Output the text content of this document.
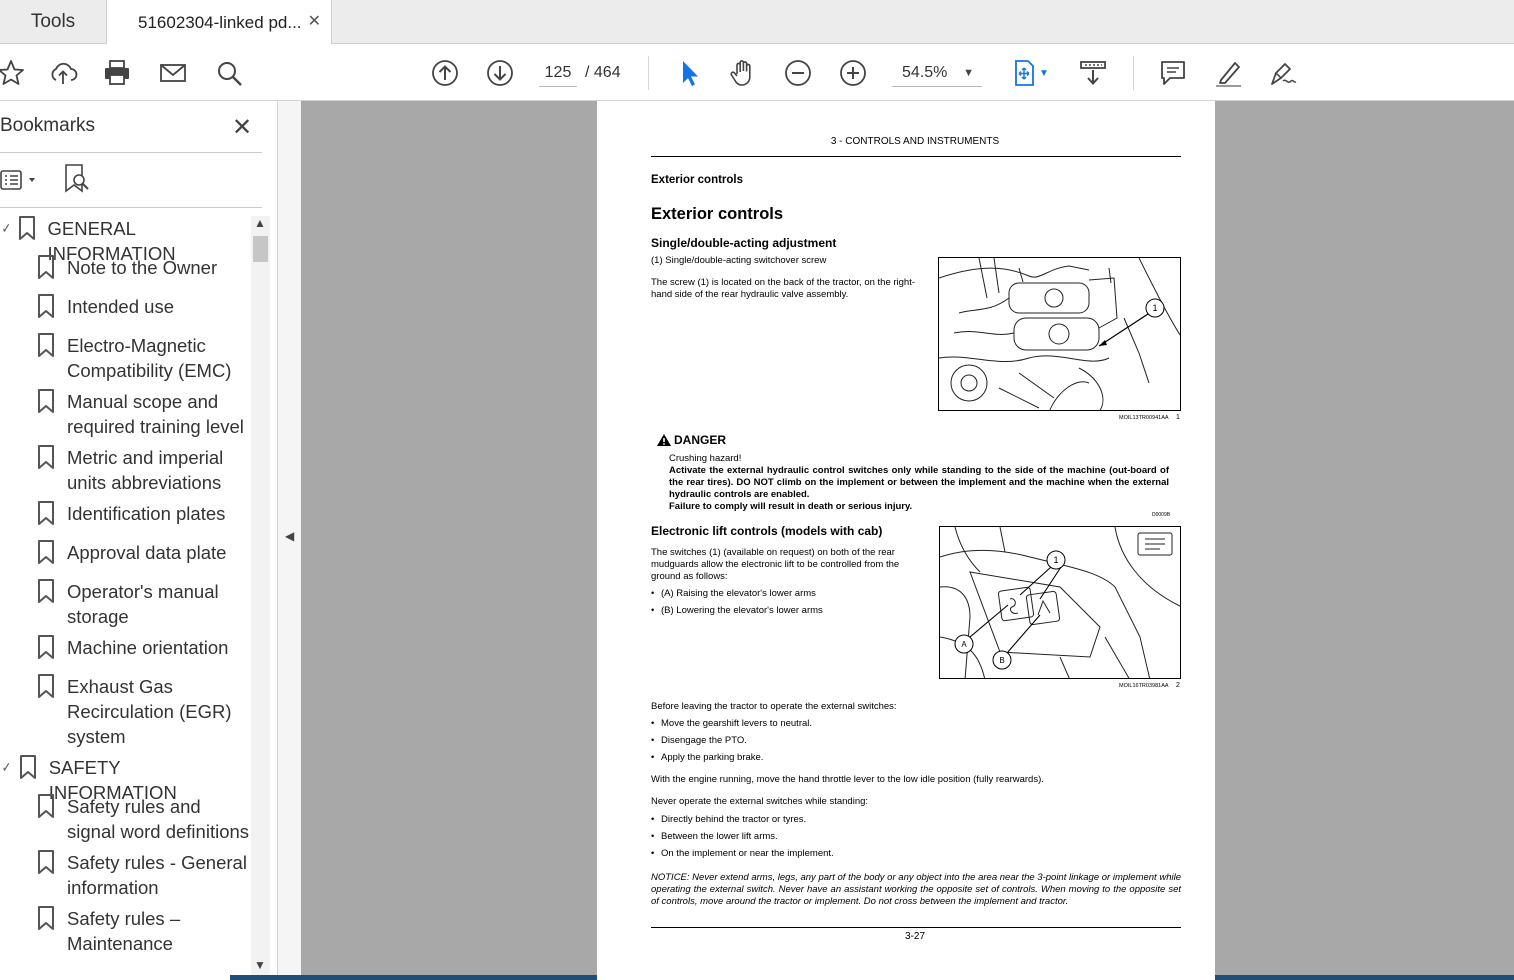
Tools	51602304-linked pd... ✕
125 / 464	54.5% ▼	▼
Bookmarks	✕
✓ GENERAL INFORMATION
Note to the Owner
Intended use
Electro-Magnetic Compatibility (EMC)
Manual scope and required training level
Metric and imperial units abbreviations
Identification plates
Approval data plate
Operator's manual storage
Machine orientation
Exhaust Gas Recirculation (EGR) system
✓ SAFETY INFORMATION
Safety rules and signal word definitions
Safety rules - General information
Safety rules – Maintenance
▲
▼
◀
3 - CONTROLS AND INSTRUMENTS
Exterior controls
Exterior controls
Single/double-acting adjustment
(1) Single/double-acting switchover screw
The screw (1) is located on the back of the tractor, on the right-hand side of the rear hydraulic valve assembly.
1
MOIL13TR00941AA 1
DANGER
Crushing hazard!
Activate the external hydraulic control switches only while standing to the side of the machine (out-board of the rear tires). DO NOT climb on the implement or between the implement and the machine when the external hydraulic controls are enabled.
Failure to comply will result in death or serious injury.
D0009B
Electronic lift controls (models with cab)
The switches (1) (available on request) on both of the rear mudguards allow the electronic lift to be controlled from the ground as follows:
• (A) Raising the elevator's lower arms
• (B) Lowering the elevator's lower arms
1
A
B
MOIL16TR03981AA 2
Before leaving the tractor to operate the external switches:
• Move the gearshift levers to neutral.
• Disengage the PTO.
• Apply the parking brake.
With the engine running, move the hand throttle lever to the low idle position (fully rearwards).
Never operate the external switches while standing:
• Directly behind the tractor or tyres.
• Between the lower lift arms.
• On the implement or near the implement.
NOTICE: Never extend arms, legs, any part of the body or any object into the area near the 3-point linkage or implement while operating the external switch. Never have an assistant working the opposite set of controls. When moving to the opposite set of controls, move around the tractor or implement. Do not cross between the implement and tractor.
3-27
